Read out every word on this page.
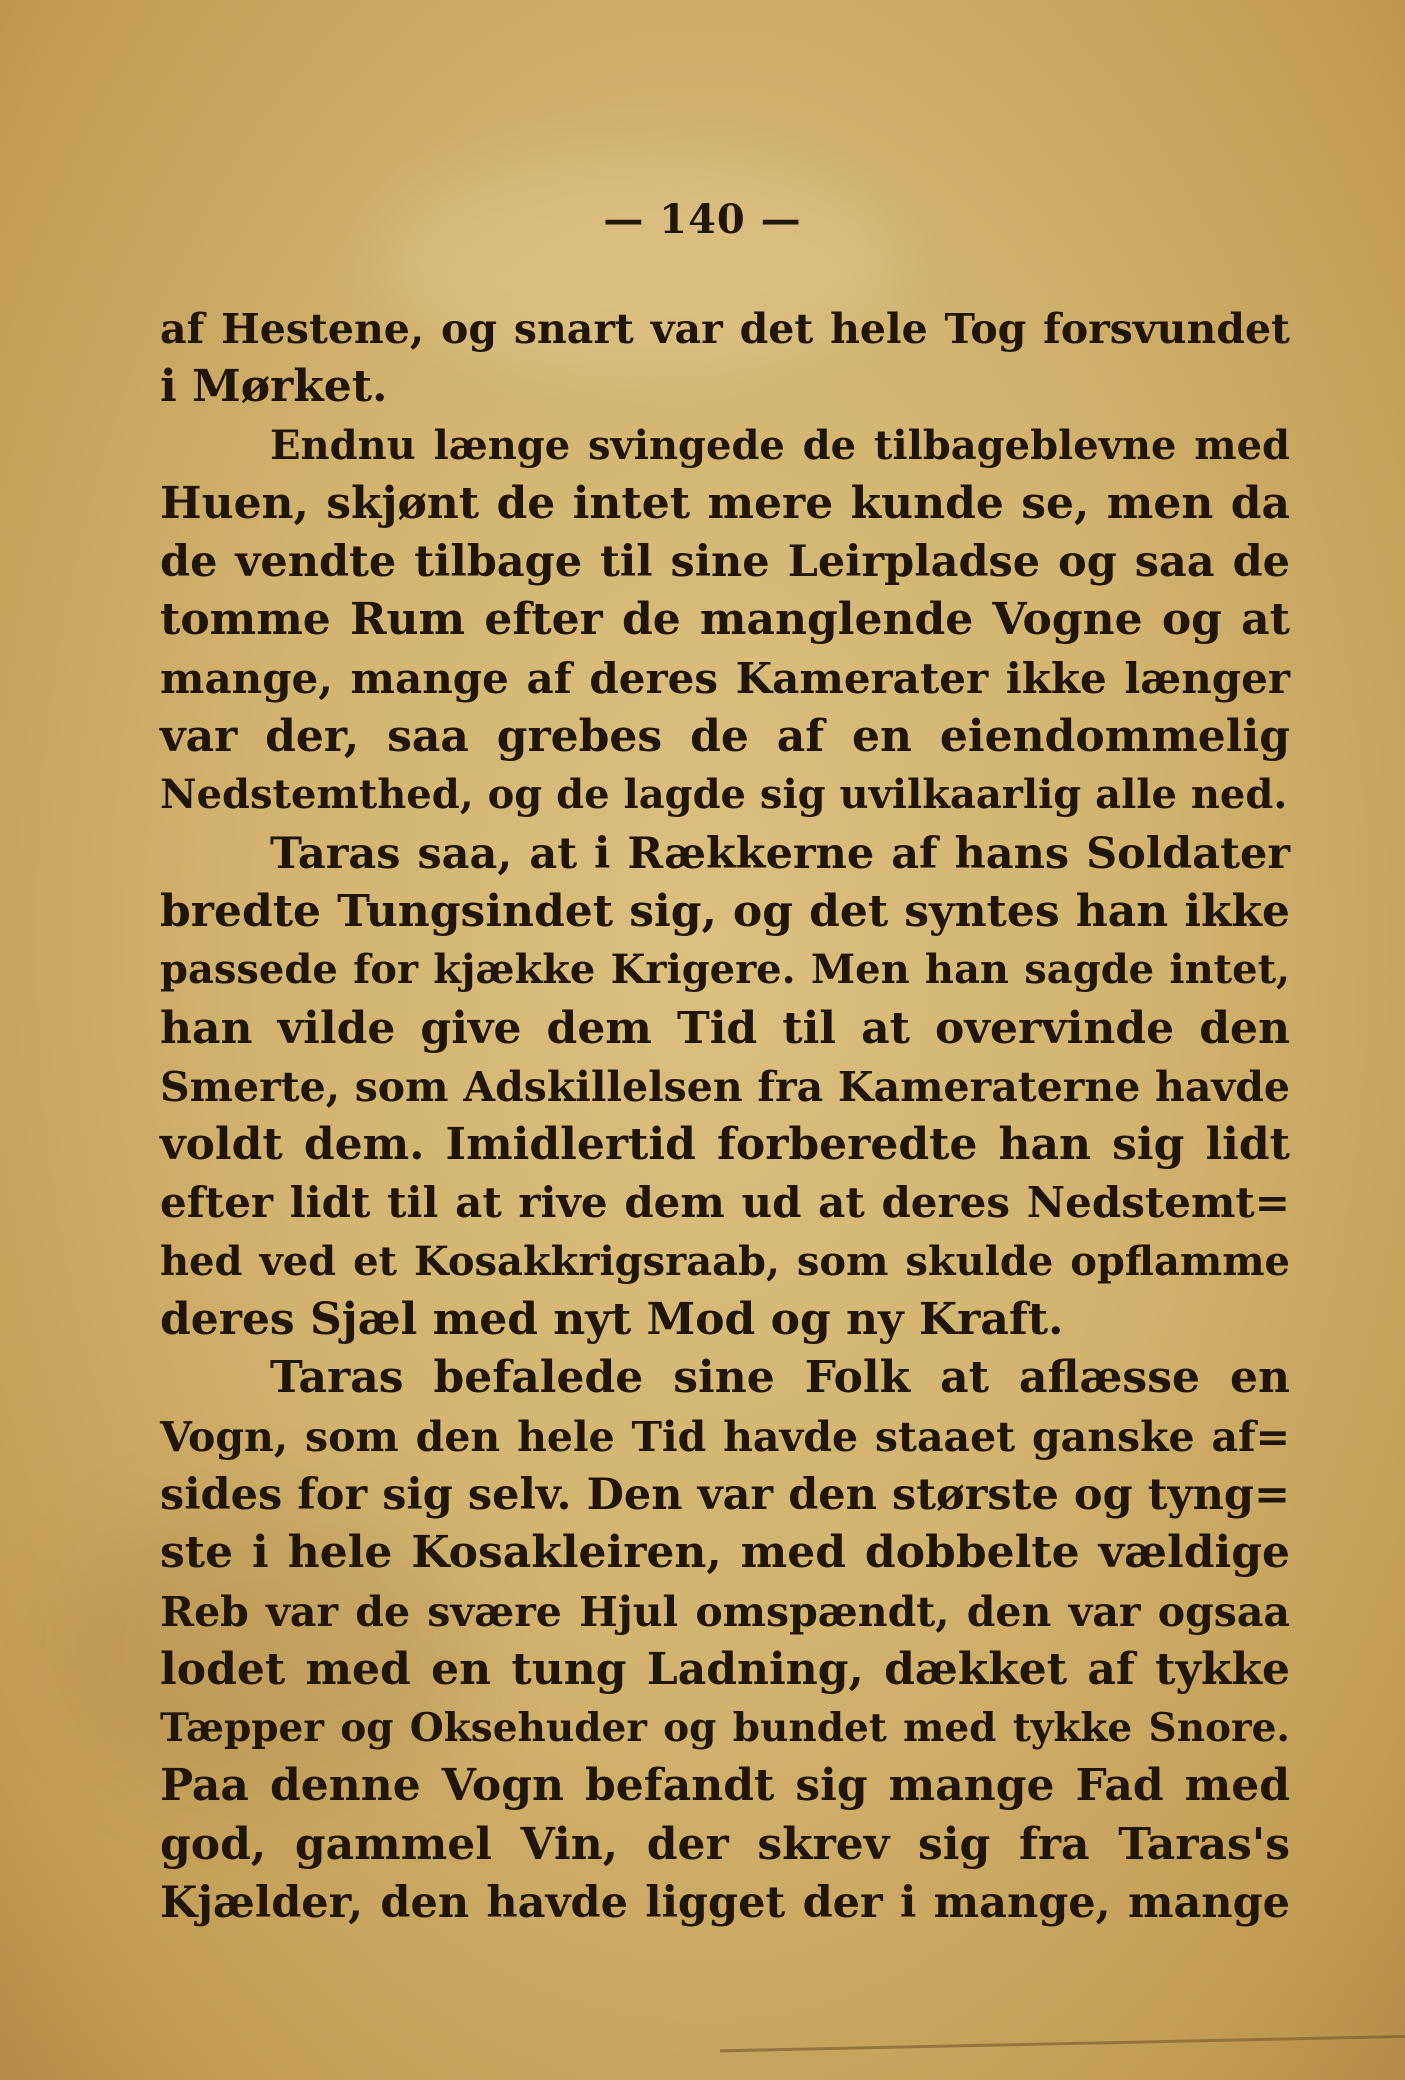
— 140 —
af Hestene, og snart var det hele Tog forsvundet
i Mørket.
Endnu længe svingede de tilbageblevne med
Huen, skjønt de intet mere kunde se, men da
de vendte tilbage til sine Leirpladse og saa de
tomme Rum efter de manglende Vogne og at
mange, mange af deres Kamerater ikke længer
var der, saa grebes de af en eiendommelig
Nedstemthed, og de lagde sig uvilkaarlig alle ned.
Taras saa, at i Rækkerne af hans Soldater
bredte Tungsindet sig, og det syntes han ikke
passede for kjække Krigere. Men han sagde intet,
han vilde give dem Tid til at overvinde den
Smerte, som Adskillelsen fra Kameraterne havde
voldt dem. Imidlertid forberedte han sig lidt
efter lidt til at rive dem ud at deres Nedstemt=
hed ved et Kosakkrigsraab, som skulde opflamme
deres Sjæl med nyt Mod og ny Kraft.
Taras befalede sine Folk at aflæsse en
Vogn, som den hele Tid havde staaet ganske af=
sides for sig selv. Den var den største og tyng=
ste i hele Kosakleiren, med dobbelte vældige
Reb var de svære Hjul omspændt, den var ogsaa
lodet med en tung Ladning, dækket af tykke
Tæpper og Oksehuder og bundet med tykke Snore.
Paa denne Vogn befandt sig mange Fad med
god, gammel Vin, der skrev sig fra Taras's
Kjælder, den havde ligget der i mange, mange
